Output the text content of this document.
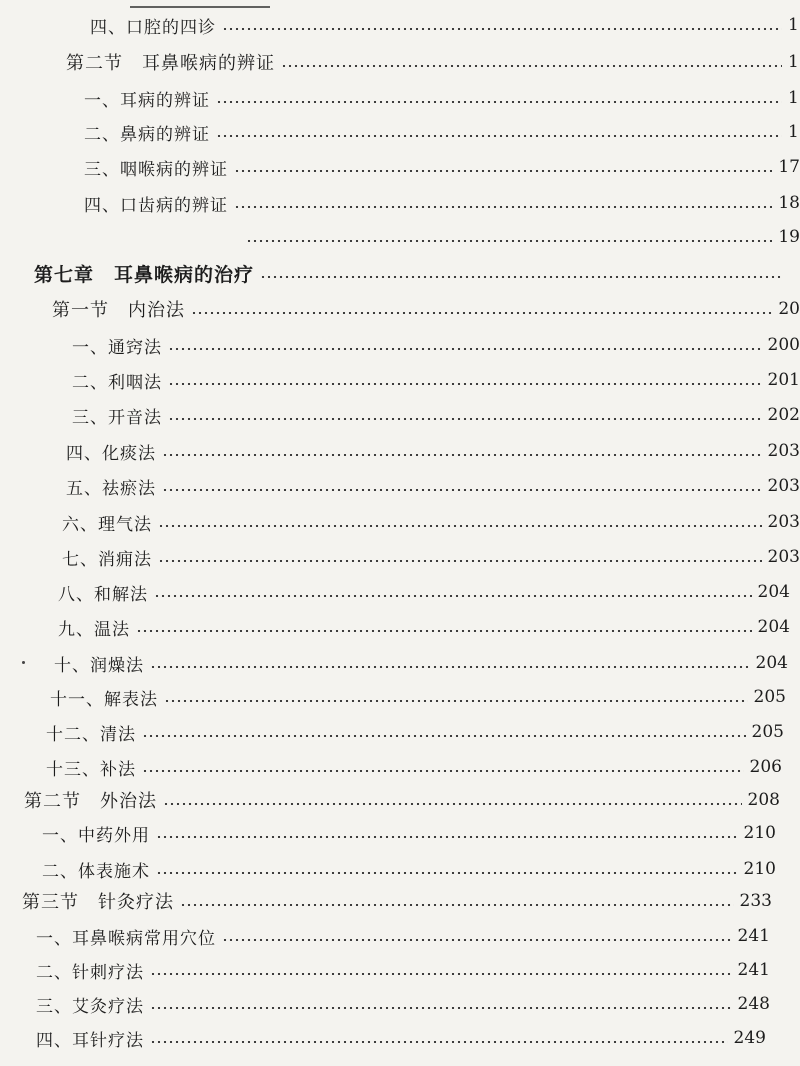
四、口腔的四诊	1
第二节　耳鼻喉病的辨证	1
一、耳病的辨证	1
二、鼻病的辨证	1
三、咽喉病的辨证	17
四、口齿病的辨证	18
19
第七章　耳鼻喉病的治疗
第一节　内治法	20
一、通窍法	200
二、利咽法	201
三、开音法	202
四、化痰法	203
五、祛瘀法	203
六、理气法	203
七、消痈法	203
八、和解法	204
九、温法	204
十、润燥法	204
十一、解表法	205
十二、清法	205
十三、补法	206
第二节　外治法	208
一、中药外用	210
二、体表施术	210
第三节　针灸疗法	233
一、耳鼻喉病常用穴位	241
二、针刺疗法	241
三、艾灸疗法	248
四、耳针疗法	249
